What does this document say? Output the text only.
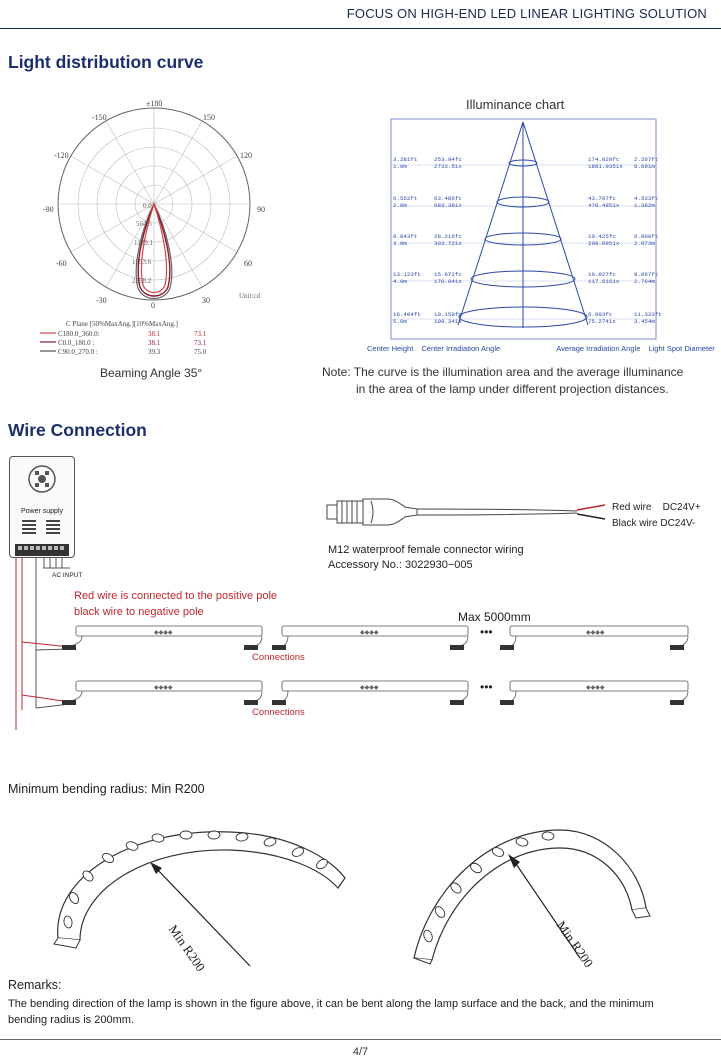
FOCUS ON HIGH-END LED LINEAR LIGHTING SOLUTION
Light distribution curve
±180
-150	150
-120	120
-90	90
-60	60
-30	30
0
0.0
564.5
1129.1
1693.6
2258.2
Unit:cd
C Plane [50%MaxAng.][10%MaxAng.]
C180.0_360.0:	38.1	73.1
C0.0_180.0 :	38.1	73.1
C90.0_270.0 :	39.3	75.0
Beaming Angle 35°
Illuminance chart
3.281ft
1.0m
253.94fc
2733.51x
174.829fc
1881.9351x
2.267ft
0.691m
6.562ft
2.0m
63.486fc
683.381x
43.707fc
470.4851x
4.533ft
1.382m
9.843ft
3.0m
28.216fc
303.721x
19.425fc
209.0951x
6.800ft
2.073m
13.123ft
4.0m
15.872fc
170.841x
10.927fc
117.6161x
9.067ft
2.764m
16.404ft
5.0m
10.158fc
109.341x
6.993fc
75.2741x
11.333ft
3.454m
Center Height Center Irradiation Angle	Average Irradiation Angle Light Spot Diameter
Note: The curve is the illumination area and the average illuminance
in the area of the lamp under different projection distances.
Wire Connection
Power supply
AC INPUT
◆◆◆◆	◆◆◆◆	◆◆◆◆
•••
◆◆◆◆	◆◆◆◆	◆◆◆◆
•••
Connections
Connections
Red wire is connected to the positive pole
black wire to negative pole	Max 5000mm
Red wire DC24V+
Black wire DC24V-
M12 waterproof female connector wiring
Accessory No.: 3022930−005
Minimum bending radius: Min R200
Min R200
Min R200
Remarks:
The bending direction of the lamp is shown in the figure above, it can be bent along the lamp surface and the back, and the minimum
bending radius is 200mm.
4/7
